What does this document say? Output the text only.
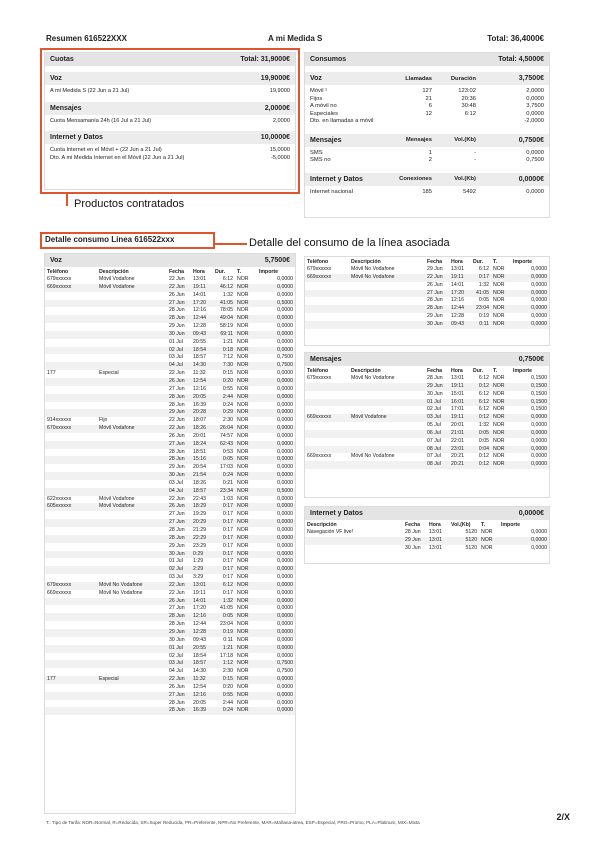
Resumen 616522XXX	A mi Medida S	Total: 36,4000€
Cuotas	Total: 31,9000€
Voz	19,9000€
A mi Medida S (22 Jun a 21 Jul)	19,9000
Mensajes	2,0000€
Cuota Mensamanía 24h (16 Jul a 21 Jul)	2,0000
Internet y Datos	10,0000€
Cuota Internet en el Móvil + (22 Jun a 21 Jul)	15,0000
Dto. A mi Medida Internet en el Móvil (22 Jun a 21 Jul)	-5,0000
Productos contratados
Consumos	Total: 4,5000€
Voz	Llamadas	Duración	3,7500€
Móvil ¹	127	123:02	2,0000
Fijos	21	20:36	0,0000
A móvil no	6	30:48	3,7500
Especiales	12	6:12	0,0000
Dto. en llamadas a móvil	-2,0000
Mensajes	Mensajes	Vol.(Kb)	0,7500€
SMS	1	-	0,0000
SMS no	2	-	0,7500
Internet y Datos	Conexiones	Vol.(Kb)	0,0000€
Internet nacional	185	5492	0,0000
Detalle consumo Línea 616522xxx	Detalle del consumo de la línea asociada
Voz	5,7500€
Teléfono	Descripción	Fecha	Hora	Dur.	T.	Importe
679xxxxxx	Móvil Vodafone	22 Jun	13:01	6:12	NOR	0,0000
669xxxxxx	Móvil Vodafone	22 Jun	19:11	46:12	NOR	0,0000
		26 Jun	14:01	1:32	NOR	0,0000
		27 Jun	17:20	41:05	NOR	0,5000
		28 Jun	12:16	78:05	NOR	0,0000
		28 Jun	12:44	49:04	NOR	0,0000
		29 Jun	12:28	58:19	NOR	0,0000
		30 Jun	09:43	69:11	NOR	0,0000
		01 Jul	20:55	1:21	NOR	0,0000
		02 Jul	18:54	0:18	NOR	0,0000
		03 Jul	18:57	7:12	NOR	0,7500
		04 Jul	14:30	7:30	NOR	0,7500
177	Especial	22 Jun	11:32	0:15	NOR	0,0000
		26 Jun	12:54	0:20	NOR	0,0000
		27 Jun	12:16	0:55	NOR	0,0000
		28 Jun	20:05	2:44	NOR	0,0000
		28 Jun	16:39	0:24	NOR	0,0000
		29 Jun	20:28	0:29	NOR	0,0000
914xxxxxx	Fijo	22 Jun	18:07	2:30	NOR	0,0000
670xxxxxx	Móvil Vodafone	22 Jun	18:26	26:04	NOR	0,0000
		26 Jun	20:01	74:57	NOR	0,0000
		27 Jun	18:24	62:43	NOR	0,0000
		28 Jun	18:51	0:53	NOR	0,0000
		28 Jun	15:16	0:05	NOR	0,0000
		29 Jun	20:54	17:03	NOR	0,0000
		30 Jun	21:54	0:24	NOR	0,0000
		03 Jul	18:26	0:21	NOR	0,0000
		04 Jul	18:57	23:34	NOR	0,5000
622xxxxxx	Móvil Vodafone	22 Jun	22:43	1:03	NOR	0,0000
605xxxxxx	Móvil Vodafone	26 Jun	18:29	0:17	NOR	0,0000
		27 Jun	19:29	0:17	NOR	0,0000
		27 Jun	20:29	0:17	NOR	0,0000
		28 Jun	21:29	0:17	NOR	0,0000
		28 Jun	22:29	0:17	NOR	0,0000
		29 Jun	23:29	0:17	NOR	0,0000
		30 Jun	0:29	0:17	NOR	0,0000
		01 Jul	1:29	0:17	NOR	0,0000
		02 Jul	2:29	0:17	NOR	0,0000
		03 Jul	3:29	0:17	NOR	0,0000
679xxxxxx	Móvil No Vodafone	22 Jun	13:01	6:12	NOR	0,0000
669xxxxxx	Móvil No Vodafone	22 Jun	19:11	0:17	NOR	0,0000
		26 Jun	14:01	1:32	NOR	0,0000
		27 Jun	17:20	41:05	NOR	0,0000
		28 Jun	12:16	0:05	NOR	0,0000
		28 Jun	12:44	23:04	NOR	0,0000
		29 Jun	12:28	0:19	NOR	0,0000
		30 Jun	09:43	0:11	NOR	0,0000
		01 Jul	20:55	1:21	NOR	0,0000
		02 Jul	18:54	17:18	NOR	0,0000
		03 Jul	18:57	1:12	NOR	0,7500
		04 Jul	14:30	2:30	NOR	0,7500
177	Especial	22 Jun	11:32	0:15	NOR	0,0000
		26 Jun	12:54	0:20	NOR	0,0000
		27 Jun	12:16	0:55	NOR	0,0000
		28 Jun	20:05	2:44	NOR	0,0000
		28 Jun	16:39	0:24	NOR	0,0000
Teléfono	Descripción	Fecha	Hora	Dur.	T.	Importe
679xxxxxx	Móvil No Vodafone	29 Jun	13:01	6:12	NOR	0,0000
669xxxxxx	Móvil No Vodafone	22 Jun	19:11	0:17	NOR	0,0000
		26 Jun	14:01	1:32	NOR	0,0000
		27 Jun	17:20	41:05	NOR	0,0000
		28 Jun	12:16	0:05	NOR	0,0000
		28 Jun	12:44	23:04	NOR	0,0000
		29 Jun	12:28	0:19	NOR	0,0000
		30 Jun	09:43	0:11	NOR	0,0000
Mensajes	0,7500€
Teléfono	Descripción	Fecha	Hora	Dur.	T.	Importe
679xxxxxx	Móvil No Vodafone	28 Jun	13:01	6:12	NOR	0,1500
		29 Jun	19:11	0:12	NOR	0,1500
		30 Jun	15:01	6:12	NOR	0,1500
		01 Jul	16:01	6:12	NOR	0,1500
		02 Jul	17:01	6:12	NOR	0,1500
669xxxxxx	Móvil Vodafone	03 Jul	19:11	0:12	NOR	0,0000
		05 Jul	20:01	1:32	NOR	0,0000
		06 Jul	21:01	0:05	NOR	0,0000
		07 Jul	22:01	0:05	NOR	0,0000
		08 Jul	23:01	0:04	NOR	0,0000
669xxxxxx	Móvil No Vodafone	07 Jul	20:21	0:12	NOR	0,0000
		08 Jul	20:21	0:12	NOR	0,0000
Internet y Datos	0,0000€
Descripción	Fecha	Hora	Vol.(Kb)	T.	Importe
Navegación VF live!	28 Jun	13:01	5120	NOR	0,0000
	29 Jun	13:01	5120	NOR	0,0000
	30 Jun	13:01	5120	NOR	0,0000
T.: Tipo de Tarifa: NOR=Normal, R=Reducida, SR=Super Reducida, PR=Preferente, NPR=No Preferente, MAR=Mañana-atrea, ESP=Especial, PRO=Promo, PLA=Platinum, MIX=Mixta
2/X
